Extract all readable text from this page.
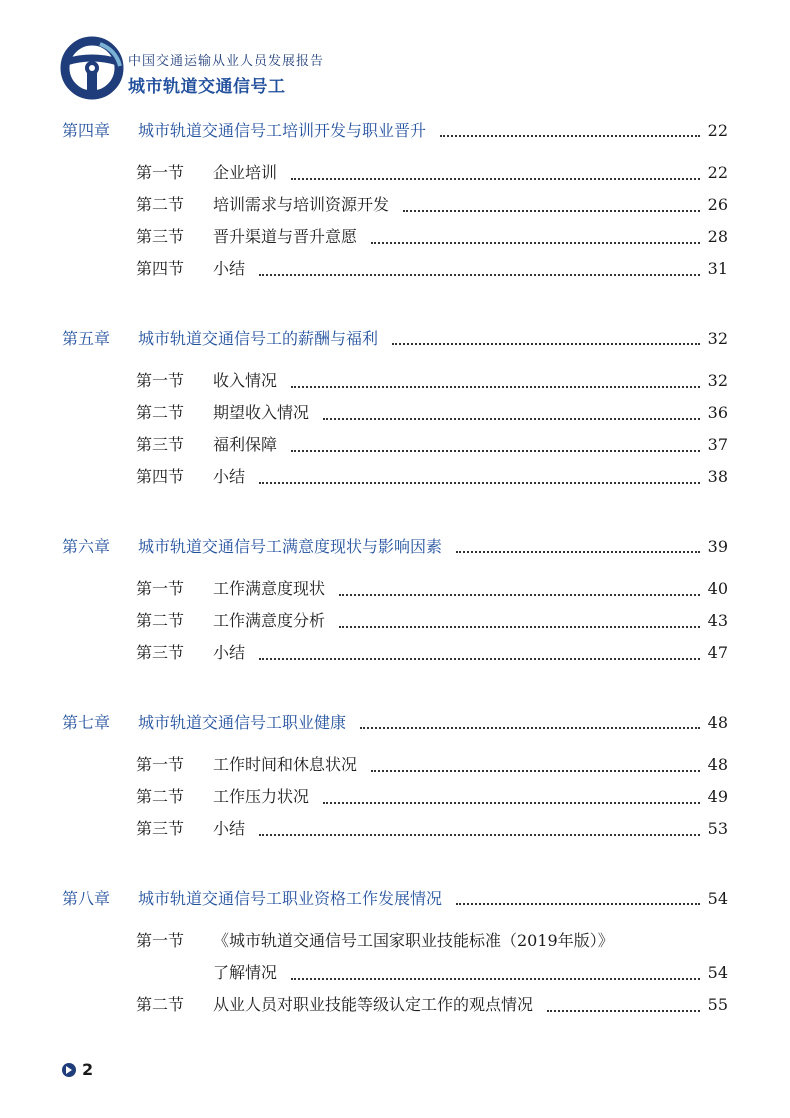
中国交通运输从业人员发展报告
城市轨道交通信号工
第四章	城市轨道交通信号工培训开发与职业晋升	22
第一节	企业培训	22
第二节	培训需求与培训资源开发	26
第三节	晋升渠道与晋升意愿	28
第四节	小结	31
第五章	城市轨道交通信号工的薪酬与福利	32
第一节	收入情况	32
第二节	期望收入情况	36
第三节	福利保障	37
第四节	小结	38
第六章	城市轨道交通信号工满意度现状与影响因素	39
第一节	工作满意度现状	40
第二节	工作满意度分析	43
第三节	小结	47
第七章	城市轨道交通信号工职业健康	48
第一节	工作时间和休息状况	48
第二节	工作压力状况	49
第三节	小结	53
第八章	城市轨道交通信号工职业资格工作发展情况	54
第一节	《城市轨道交通信号工国家职业技能标准（2019年版）》
了解情况	54
第二节	从业人员对职业技能等级认定工作的观点情况	55
2
